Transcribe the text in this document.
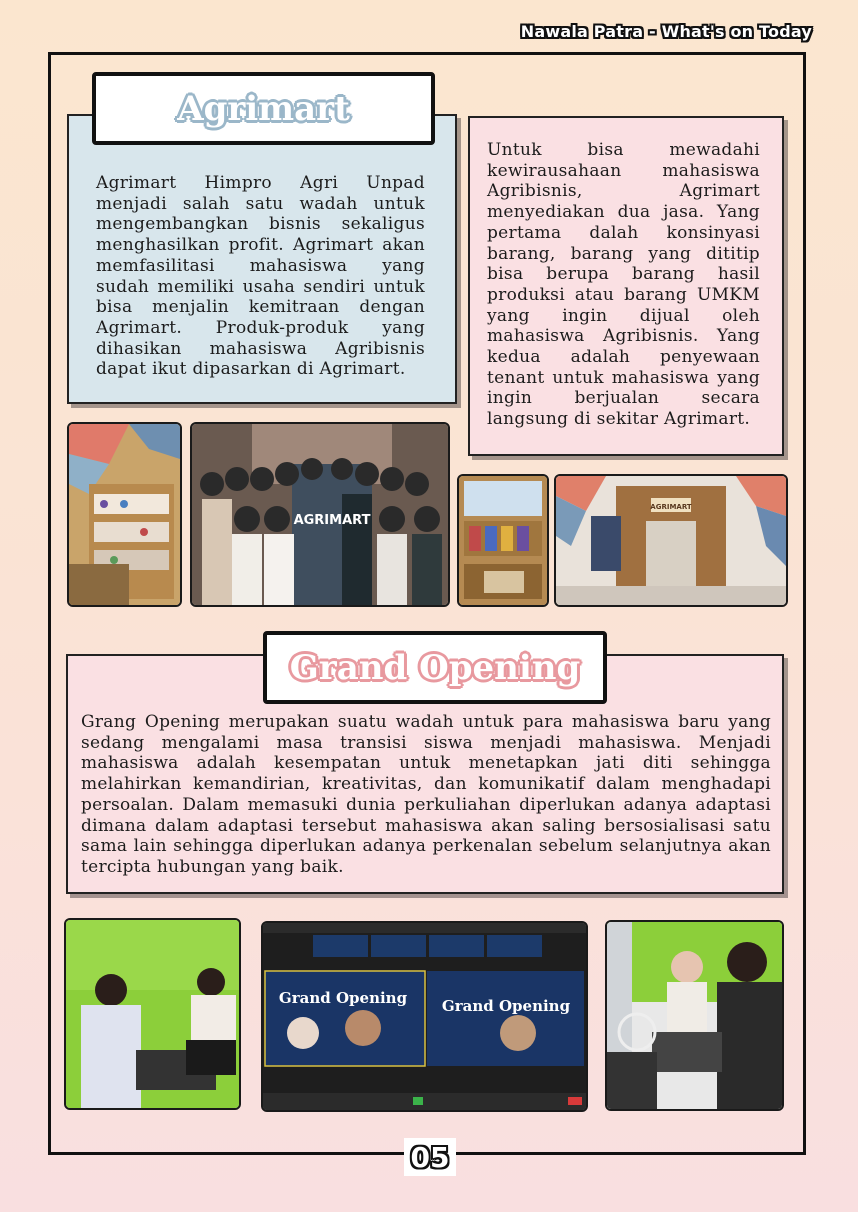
Nawala Patra - What's on Today

Agrimart Himpro Agri Unpad menjadi salah satu wadah untuk mengembangkan bisnis sekaligus menghasilkan profit. Agrimart akan memfasilitasi mahasiswa yang sudah memiliki usaha sendiri untuk bisa menjalin kemitraan dengan Agrimart. Produk-produk yang dihasikan mahasiswa Agribisnis dapat ikut dipasarkan di Agrimart.

Agrimart

Untuk bisa mewadahi kewirausahaan mahasiswa Agribisnis, Agrimart menyediakan dua jasa. Yang pertama dalah konsinyasi barang, barang yang dititip bisa berupa barang hasil produksi atau barang UMKM yang ingin dijual oleh mahasiswa Agribisnis. Yang kedua adalah penyewaan tenant untuk mahasiswa yang ingin berjualan secara langsung di sekitar Agrimart.

AGRIMART
AGRIMART

Grang Opening merupakan suatu wadah untuk para mahasiswa baru yang sedang mengalami masa transisi siswa menjadi mahasiswa. Menjadi mahasiswa adalah kesempatan untuk menetapkan jati diti sehingga melahirkan kemandirian, kreativitas, dan komunikatif dalam menghadapi persoalan. Dalam memasuki dunia perkuliahan diperlukan adanya adaptasi dimana dalam adaptasi tersebut mahasiswa akan saling bersosialisasi satu sama lain sehingga diperlukan adanya perkenalan sebelum selanjutnya akan tercipta hubungan yang baik.

Grand Opening
Grand Opening Grand Opening
05
